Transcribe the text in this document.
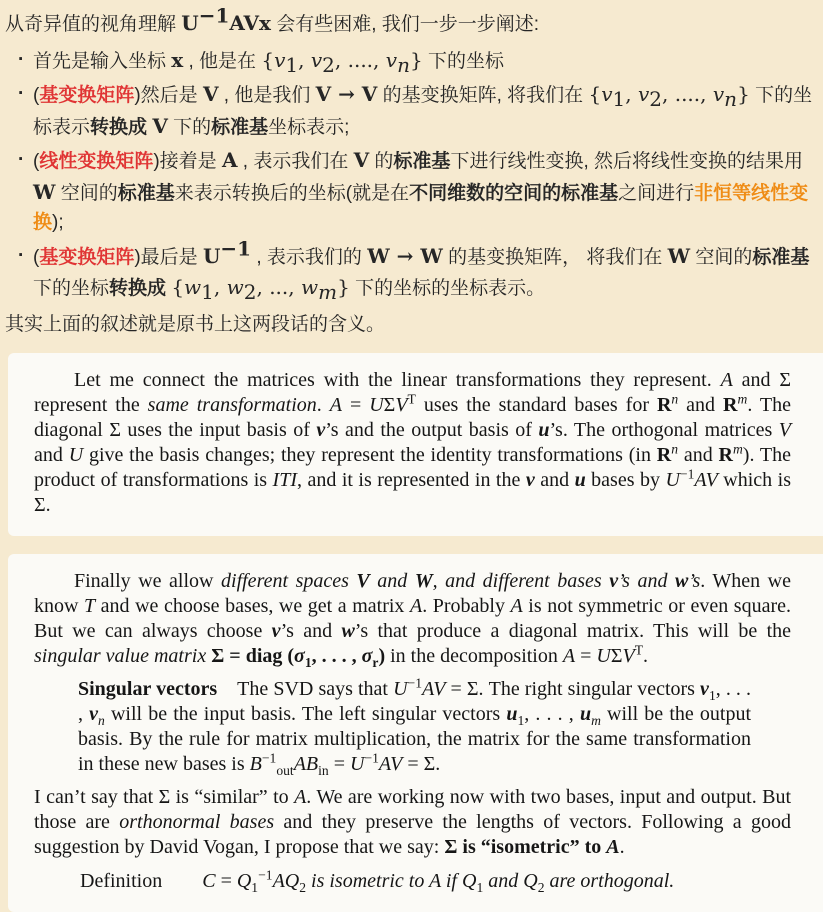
从奇异值的视角理解 $U^{-1}AVx$ 会有些困难, 我们一步一步阐述:

· 首先是输入坐标 x , 他是在 {$v_1$, $v_2$, ...., $v_n$} 下的坐标
· (基变换矩阵)然后是 V , 他是我们 V → V 的基变换矩阵, 将我们在 {$v_1$, $v_2$, ...., $v_n$} 下的坐标表示转换成 V 下的标准基坐标表示;
· (线性变换矩阵)接着是 A , 表示我们在 V 的标准基下进行线性变换, 然后将线性变换的结果用 W 空间的标准基来表示转换后的坐标(就是在不同维数的空间的标准基之间进行非恒等线性变换);
· (基变换矩阵)最后是 $U^{-1}$ , 表示我们的 W → W 的基变换矩阵， 将我们在 W 空间的标准基下的坐标转换成 {$w_1$, $w_2$, ..., $w_m$} 下的坐标的坐标表示。

其实上面的叙述就是原书上这两段话的含义。

Let me connect the matrices with the linear transformations they represent. A and Σ represent the same transformation. $A = U\Sigma V^T$ uses the standard bases for $R^n$ and $R^m$. The diagonal Σ uses the input basis of v’s and the output basis of u’s. The orthogonal matrices V and U give the basis changes; they represent the identity transformations (in $R^n$ and $R^m$). The product of transformations is ITI, and it is represented in the v and u bases by $U^{-1}AV$ which is Σ.

Finally we allow different spaces V and W, and different bases v’s and w’s. When we know T and we choose bases, we get a matrix A. Probably A is not symmetric or even square. But we can always choose v’s and w’s that produce a diagonal matrix. This will be the singular value matrix Σ = diag ($\sigma_1$, . . . , $\sigma_r$) in the decomposition $A = U\Sigma V^T$.

Singular vectors The SVD says that $U^{-1}AV = \Sigma$. The right singular vectors $v_1$, . . . , $v_n$ will be the input basis. The left singular vectors $u_1$, . . . , $u_m$ will be the output basis. By the rule for matrix multiplication, the matrix for the same transformation in these new bases is $B^{-1}_{out}AB_{in} = U^{-1}AV = \Sigma$.

I can’t say that Σ is “similar” to A. We are working now with two bases, input and output. But those are orthonormal bases and they preserve the lengths of vectors. Following a good suggestion by David Vogan, I propose that we say: Σ is “isometric” to A.

Definition  $C = Q_1^{-1}AQ_2$ is isometric to A if $Q_1$ and $Q_2$ are orthogonal.
